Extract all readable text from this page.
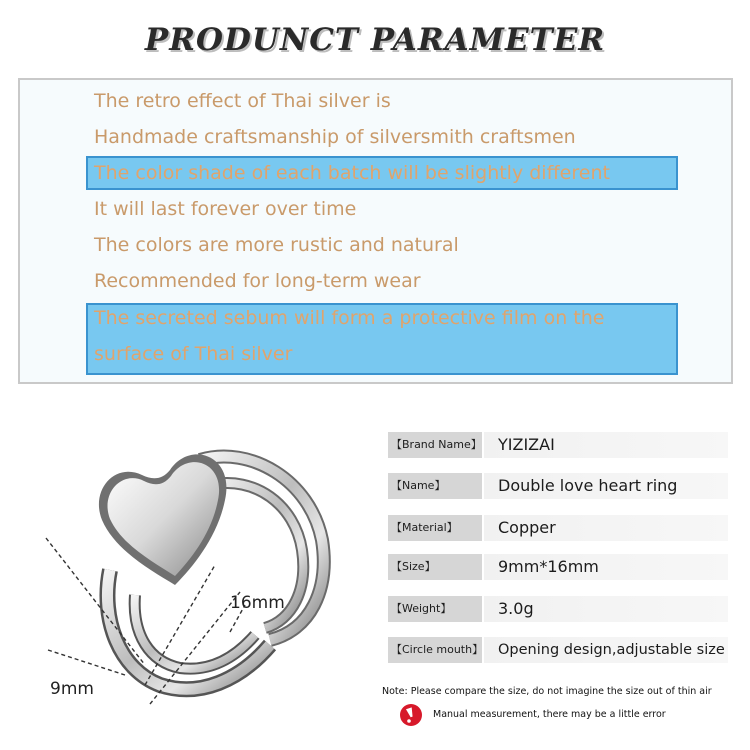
PRODUNCT PARAMETER
The retro effect of Thai silver is
Handmade craftsmanship of silversmith craftsmen
The color shade of each batch will be slightly different
It will last forever over time
The colors are more rustic and natural
Recommended for long-term wear
The secreted sebum will form a protective film on the
surface of Thai silver
16mm
9mm
【Brand Name】	YIZIZAI
【Name】	Double love heart ring
【Material】	Copper
【Size】	9mm*16mm
【Weight】	3.0g
【Circle mouth】	Opening design,adjustable size
Note: Please compare the size, do not imagine the size out of thin air
Manual measurement, there may be a little error
